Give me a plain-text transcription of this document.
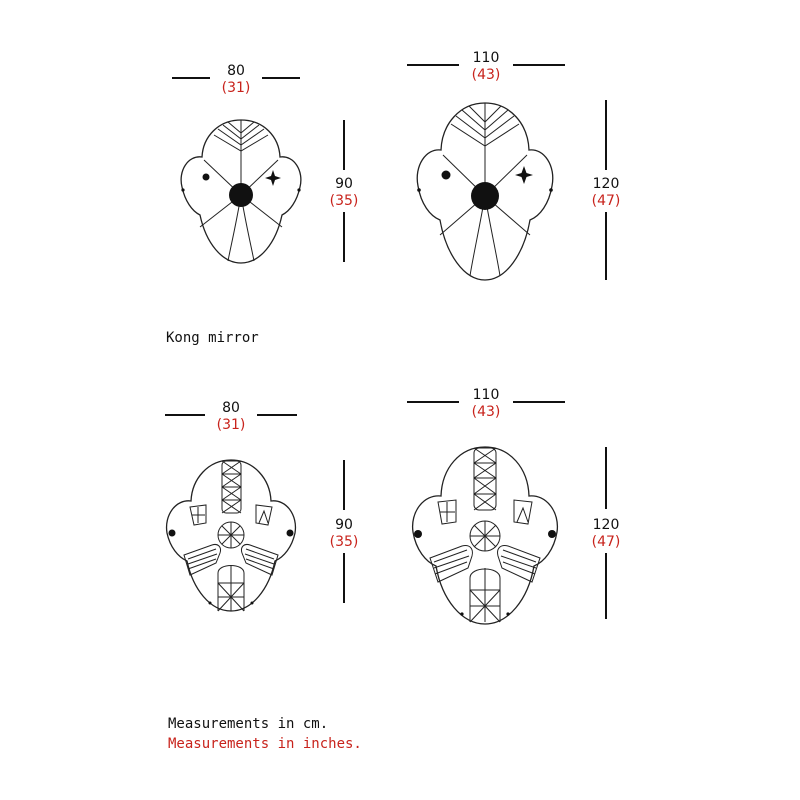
80
(31)
90
(35)
110
(43)
120
(47)
Kong mirror
80
(31)
90
(35)
110
(43)
120
(47)
Measurements in cm.
Measurements in inches.
